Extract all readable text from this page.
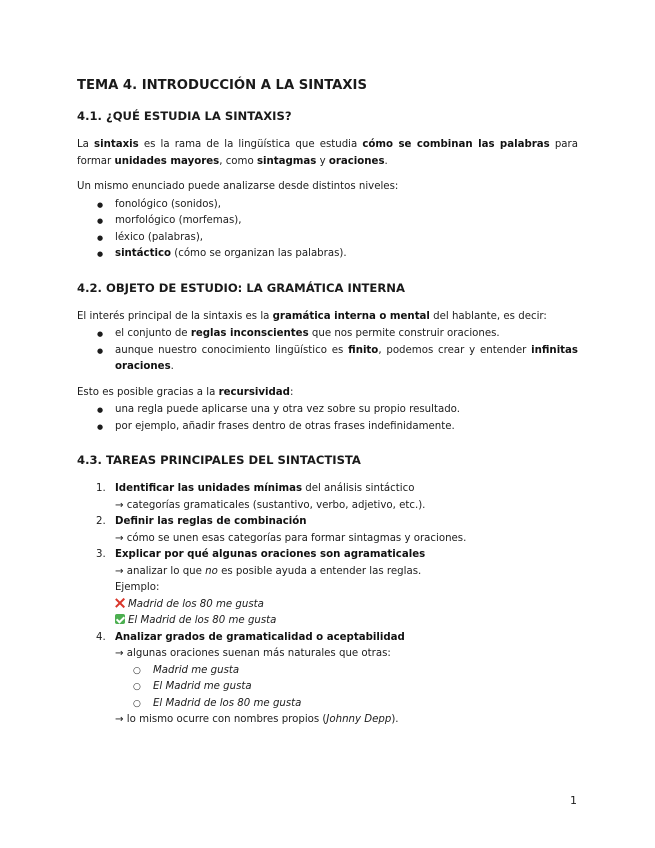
TEMA 4. INTRODUCCIÓN A LA SINTAXIS
4.1. ¿QUÉ ESTUDIA LA SINTAXIS?

La sintaxis es la rama de la lingüística que estudia cómo se combinan las palabras para formar unidades mayores, como sintagmas y oraciones.

Un mismo enunciado puede analizarse desde distintos niveles:

● fonológico (sonidos),
● morfológico (morfemas),
● léxico (palabras),
● sintáctico (cómo se organizan las palabras).
4.2. OBJETO DE ESTUDIO: LA GRAMÁTICA INTERNA

El interés principal de la sintaxis es la gramática interna o mental del hablante, es decir:

● el conjunto de reglas inconscientes que nos permite construir oraciones.
● aunque nuestro conocimiento lingüístico es finito, podemos crear y entender infinitas oraciones.

Esto es posible gracias a la recursividad:

● una regla puede aplicarse una y otra vez sobre su propio resultado.
● por ejemplo, añadir frases dentro de otras frases indefinidamente.
4.3. TAREAS PRINCIPALES DEL SINTACTISTA
1. Identificar las unidades mínimas del análisis sintáctico
→ categorías gramaticales (sustantivo, verbo, adjetivo, etc.).
2. Definir las reglas de combinación
→ cómo se unen esas categorías para formar sintagmas y oraciones.
3. Explicar por qué algunas oraciones son agramaticales
→ analizar lo que no es posible ayuda a entender las reglas.
Ejemplo:
Madrid de los 80 me gusta
El Madrid de los 80 me gusta
4. Analizar grados de gramaticalidad o aceptabilidad
→ algunas oraciones suenan más naturales que otras:
○ Madrid me gusta
○ El Madrid me gusta
○ El Madrid de los 80 me gusta
→ lo mismo ocurre con nombres propios (Johnny Depp).
1
